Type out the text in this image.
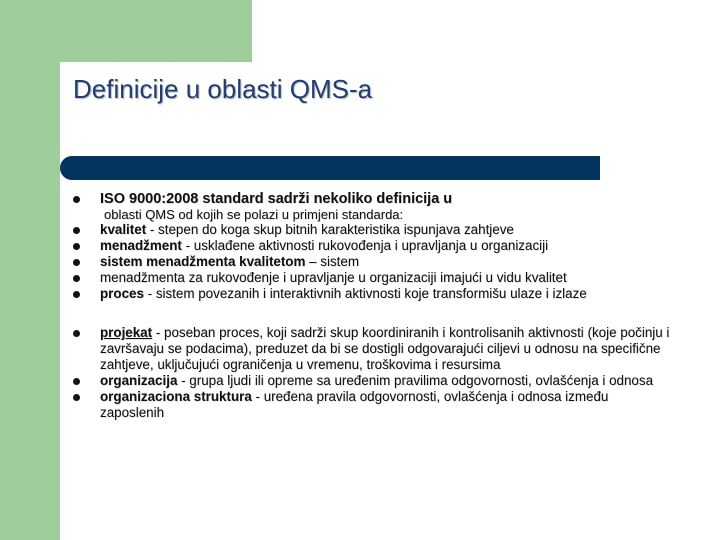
Definicije u oblasti QMS-a
ISO 9000:2008 standard sadrži nekoliko definicija u
oblasti QMS od kojih se polazi u primjeni standarda:
kvalitet - stepen do koga skup bitnih karakteristika ispunjava zahtjeve
menadžment - usklađene aktivnosti rukovođenja i upravljanja u organizaciji
sistem menadžmenta kvalitetom – sistem
menadžmenta za rukovođenje i upravljanje u organizaciji imajući u vidu kvalitet
proces - sistem povezanih i interaktivnih aktivnosti koje transformišu ulaze i izlaze
projekat - poseban proces, koji sadrži skup koordiniranih i kontrolisanih aktivnosti (koje počinju i završavaju se podacima), preduzet da bi se dostigli odgovarajući ciljevi u odnosu na specifične zahtjeve, uključujući ograničenja u vremenu, troškovima i resursima
organizacija - grupa ljudi ili opreme sa uređenim pravilima odgovornosti, ovlašćenja i odnosa
organizaciona struktura - uređena pravila odgovornosti, ovlašćenja i odnosa između zaposlenih
